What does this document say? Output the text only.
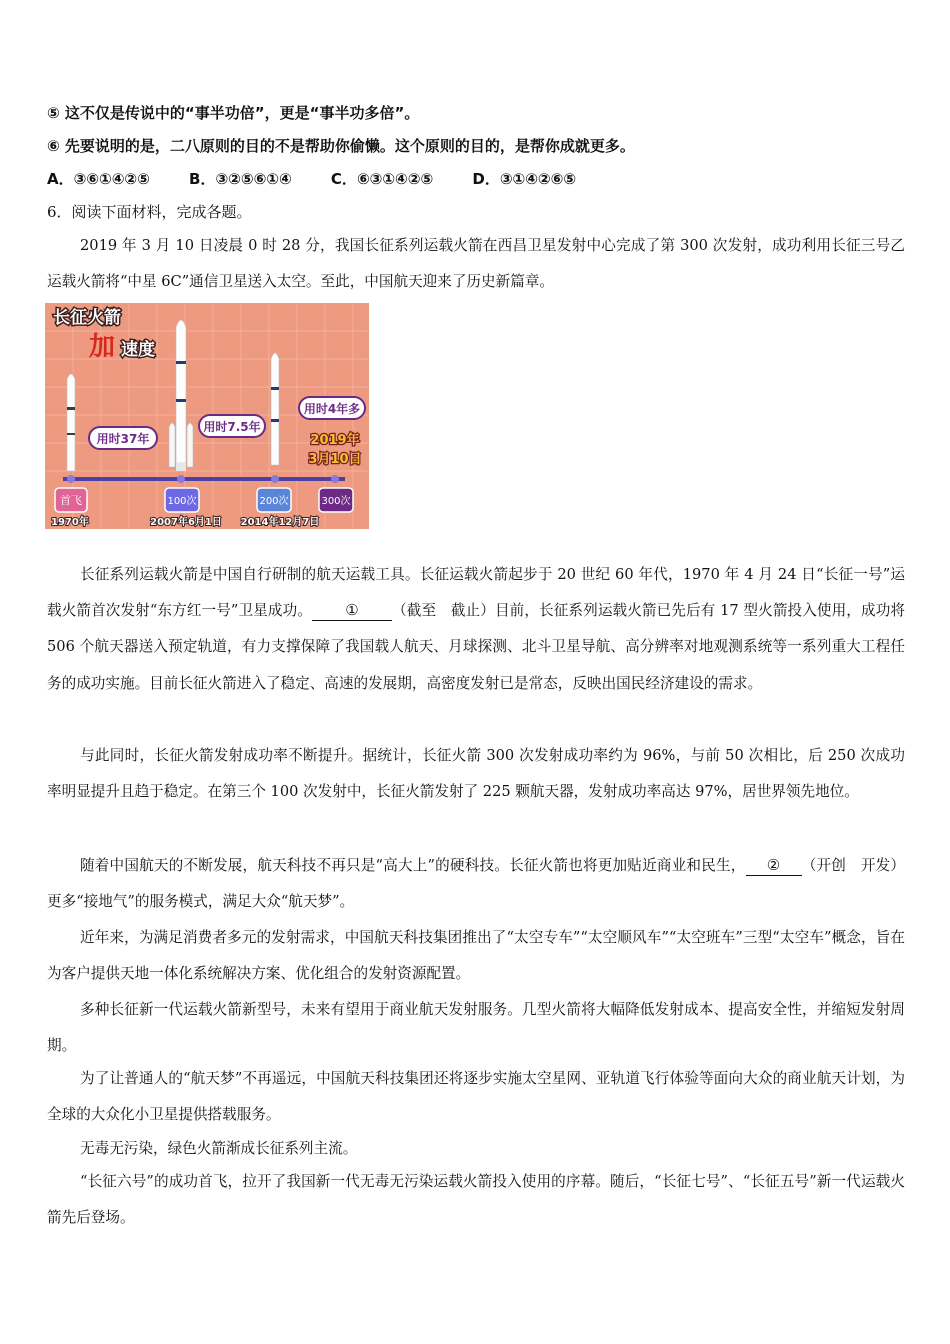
⑤ 这不仅是传说中的“事半功倍”，更是“事半功多倍”。
⑥ 先要说明的是，二八原则的目的不是帮助你偷懒。这个原则的目的，是帮你成就更多。
A．③⑥①④②⑤	B．③②⑤⑥①④	C．⑥③①④②⑤	D．③①④②⑥⑤
6．阅读下面材料，完成各题。
2019 年 3 月 10 日凌晨 0 时 28 分，我国长征系列运载火箭在西昌卫星发射中心完成了第 300 次发射，成功利用长征三号乙运载火箭将“中星 6C”通信卫星送入太空。至此，中国航天迎来了历史新篇章。
长征火箭
加 速度
用时37年
用时7.5年
用时4年多
2019年
3月10日
首飞	100次	200次	300次
1970年	2007年6月1日 2014年12月7日
长征系列运载火箭是中国自行研制的航天运载工具。长征运载火箭起步于 20 世纪 60 年代，1970 年 4 月 24 日“长征一号”运载火箭首次发射“东方红一号”卫星成功。 ① （截至　截止）目前，长征系列运载火箭已先后有 17 型火箭投入使用，成功将 506 个航天器送入预定轨道，有力支撑保障了我国载人航天、月球探测、北斗卫星导航、高分辨率对地观测系统等一系列重大工程任务的成功实施。目前长征火箭进入了稳定、高速的发展期，高密度发射已是常态，反映出国民经济建设的需求。
与此同时，长征火箭发射成功率不断提升。据统计，长征火箭 300 次发射成功率约为 96%，与前 50 次相比，后 250 次成功率明显提升且趋于稳定。在第三个 100 次发射中，长征火箭发射了 225 颗航天器，发射成功率高达 97%，居世界领先地位。
随着中国航天的不断发展，航天科技不再只是“高大上”的硬科技。长征火箭也将更加贴近商业和民生， ② （开创　开发）更多“接地气”的服务模式，满足大众“航天梦”。
近年来，为满足消费者多元的发射需求，中国航天科技集团推出了“太空专车”“太空顺风车”“太空班车”三型“太空车”概念，旨在为客户提供天地一体化系统解决方案、优化组合的发射资源配置。
多种长征新一代运载火箭新型号，未来有望用于商业航天发射服务。几型火箭将大幅降低发射成本、提高安全性，并缩短发射周期。
为了让普通人的“航天梦”不再遥远，中国航天科技集团还将逐步实施太空星网、亚轨道飞行体验等面向大众的商业航天计划，为全球的大众化小卫星提供搭载服务。
无毒无污染，绿色火箭渐成长征系列主流。
“长征六号”的成功首飞，拉开了我国新一代无毒无污染运载火箭投入使用的序幕。随后，“长征七号”、“长征五号”新一代运载火箭先后登场。
